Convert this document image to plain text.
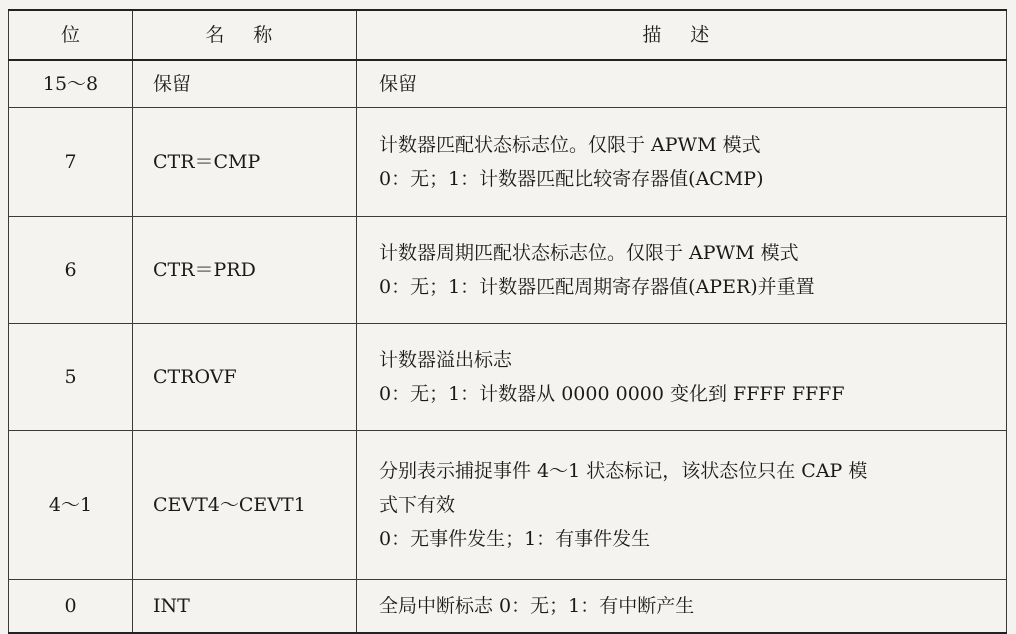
位	名 称	描 述
15～8	保留	保留

7	CTR＝CMP	计数器匹配状态标志位。仅限于 APWM 模式
0：无；1：计数器匹配比较寄存器值(ACMP)

6	CTR＝PRD	计数器周期匹配状态标志位。仅限于 APWM 模式
0：无；1：计数器匹配周期寄存器值(APER)并重置

5	CTROVF	计数器溢出标志
0：无；1：计数器从 0000 0000 变化到 FFFF FFFF

4～1	CEVT4～CEVT1	分别表示捕捉事件 4～1 状态标记，该状态位只在 CAP 模
式下有效
0：无事件发生；1：有事件发生

0	INT	全局中断标志 0：无；1：有中断产生
